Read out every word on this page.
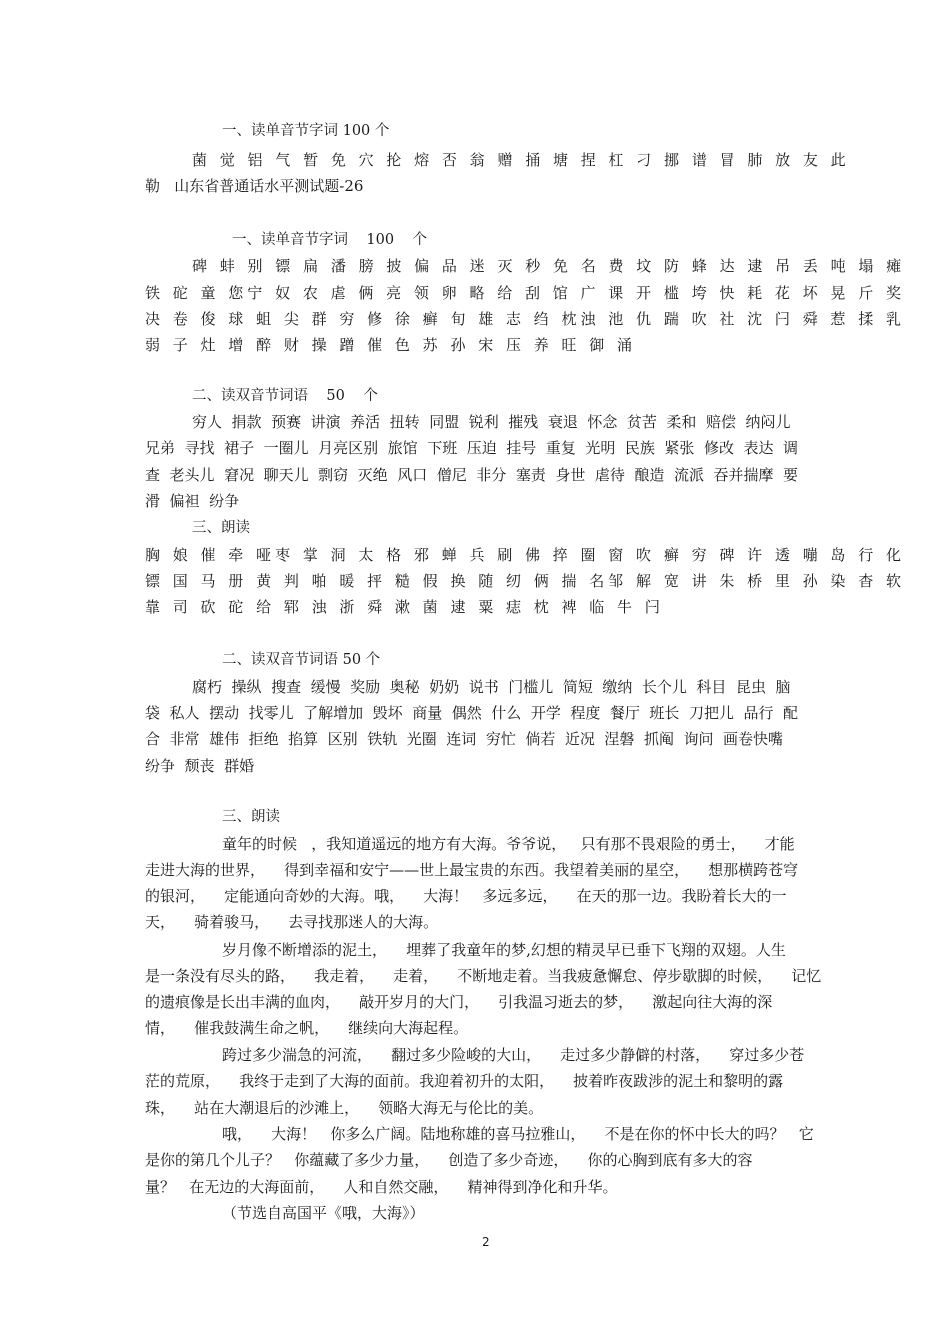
一、读单音节字词 100 个
菌 觉 铝 气 暂 免 穴 抡 熔 否 翁 赠 捅 塘 捏 杠 刁 挪 谱 冒 肺 放 友 此
勒   山东省普通话水平测试题-26
一、读单音节字词    100    个
碑 蚌 别 镖 扁 潘 膀 披 偏 品 迷 灭 秒 免 名 费 坟 防 蜂 达 逮 吊 丢 吨 塌 瘫
铁 砣 童 您宁 奴 农 虐 俩 亮 领 卵 略 给 刮 馆 广 课 开 槛 垮 快 耗 花 坏 晃 斤 奖
决 卷 俊 球 蛆 尖 群 穷 修 徐 癣 旬 雄 志 绉 枕浊 池 仇 踹 吹 社 沈 闩 舜 惹 揉 乳
弱 子 灶 增 醉 财 操 蹭 催 色 苏 孙 宋 压 养 旺 御 涌
二、读双音节词语    50    个
穷人  捐款  预赛  讲演  养活  扭转  同盟  锐利  摧残  衰退  怀念  贫苦  柔和  赔偿  纳闷儿
兄弟  寻找  裙子  一圈儿  月亮区别  旅馆  下班  压迫  挂号  重复  光明  民族  紧张  修改  表达  调
查  老头儿  窘况  聊天儿  剽窃  灭绝  风口  僧尼  非分  塞责  身世  虐待  酿造  流派  吞并揣摩  要
滑  偏袒  纷争
三、朗读
胸 娘 催 牵 哑枣 掌 洞 太 格 邪 蝉 兵 刷 佛 捽 圈 窗 吹 癣 穷 碑 许 透 嘣 岛 行 化
镖 国 马 册 黄 判 啪 暖 抨 糙 假 换 随 纫 俩 揣 名邹 解 宽 讲 朱 桥 里 孙 染 杳 软
靠 司 砍 砣 给 郓 浊 浙 舜 漱 菌 逮 粟 痣 枕 裨 临 牛 闩
二、读双音节词语 50 个
腐朽  操纵  搜查  缓慢  奖励  奥秘  奶奶  说书  门槛儿  简短  缴纳  长个儿  科目  昆虫  脑
袋  私人  摆动  找零儿  了解增加  毁坏  商量  偶然  什么  开学  程度  餐厅  班长  刀把儿  品行  配
合  非常  雄伟  拒绝  掐算  区别  铁轨  光圈  连词  穷忙  倘若  近况  涅磐  抓阄  询问  画卷快嘴
纷争  颓丧  群婚
三、朗读
童年的时候   ，我知道遥远的地方有大海。爷爷说，   只有那不畏艰险的勇士，    才能
走进大海的世界，    得到幸福和安宁——世上最宝贵的东西。我望着美丽的星空，    想那横跨苍穹
的银河，    定能通向奇妙的大海。哦，    大海！   多远多远，    在天的那一边。我盼着长大的一
天，    骑着骏马，    去寻找那迷人的大海。
岁月像不断增添的泥土，    埋葬了我童年的梦,幻想的精灵早已垂下飞翔的双翅。人生
是一条没有尽头的路，    我走着，    走着，    不断地走着。当我疲惫懈怠、停步歇脚的时候，    记忆
的遗痕像是长出丰满的血肉，    敲开岁月的大门，    引我温习逝去的梦，    激起向往大海的深
情，    催我鼓满生命之帆，    继续向大海起程。
跨过多少湍急的河流，    翻过多少险峻的大山，    走过多少静僻的村落，    穿过多少苍
茫的荒原，    我终于走到了大海的面前。我迎着初升的太阳，    披着昨夜跋涉的泥土和黎明的露
珠，    站在大潮退后的沙滩上，    领略大海无与伦比的美。
哦，    大海！   你多么广阔。陆地称雄的喜马拉雅山，    不是在你的怀中长大的吗？   它
是你的第几个儿子？   你蕴藏了多少力量，    创造了多少奇迹，    你的心胸到底有多大的容
量？   在无边的大海面前，    人和自然交融，    精神得到净化和升华。
（节选自高国平《哦，大海》）
2
